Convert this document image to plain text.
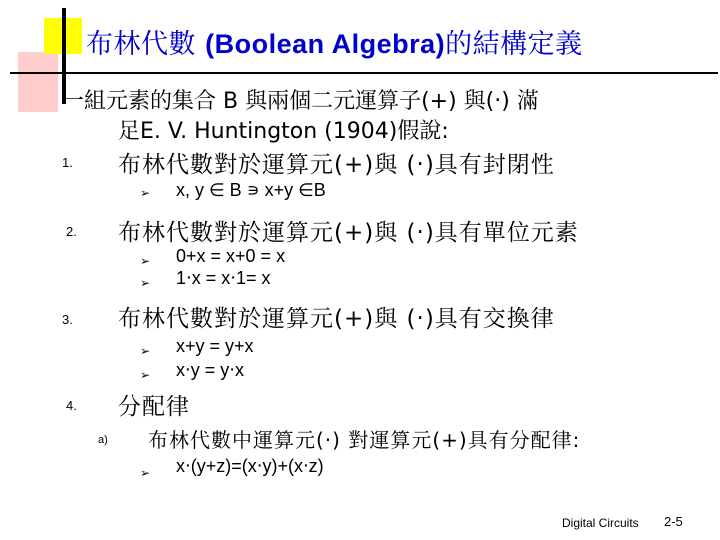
布林代數 (Boolean Algebra)的結構定義
一組元素的集合 B 與兩個二元運算子(+) 與(‧) 滿
足E. V. Huntington (1904)假說:
1. 布林代數對於運算元(+)與 (‧)具有封閉性
➢ x, y ∈ B ∍ x+y ∈B
2. 布林代數對於運算元(+)與 (‧)具有單位元素
➢ 0+x = x+0 = x
➢ 1‧x = x‧1= x
3. 布林代數對於運算元(+)與 (‧)具有交換律
➢ x+y = y+x
➢ x‧y = y‧x
4. 分配律
a) 布林代數中運算元(‧) 對運算元(+)具有分配律:
➢ x‧(y+z)=(x‧y)+(x‧z)
Digital Circuits 2-5
